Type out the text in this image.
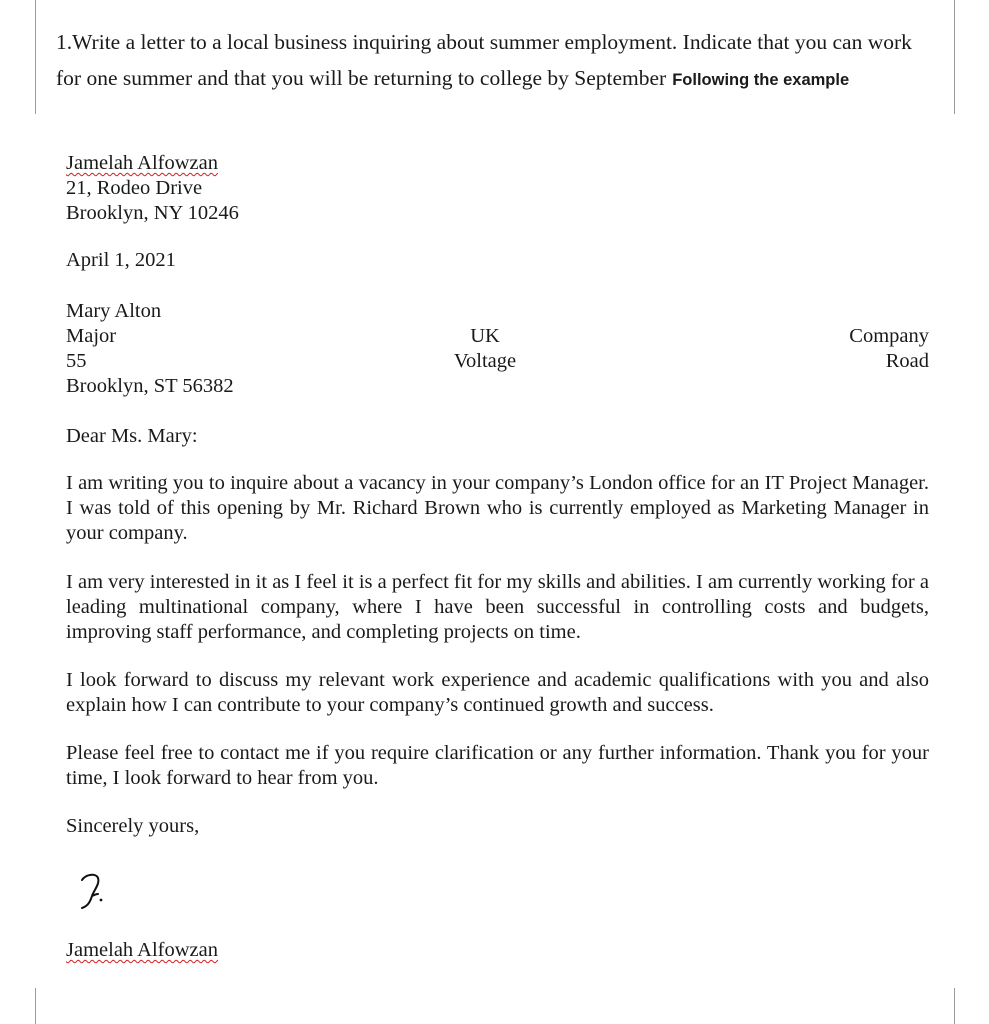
1.Write a letter to a local business inquiring about summer employment. Indicate that you can work
for one summer and that you will be returning to college by September Following the example
Jamelah Alfowzan
21, Rodeo Drive
Brooklyn, NY 10246
April 1, 2021
Mary Alton
Major
55
UK
Voltage
Company
Road
Brooklyn, ST 56382
Dear Ms. Mary:
I am writing you to inquire about a vacancy in your company’s London office for an IT Project Manager. I was told of this opening by Mr. Richard Brown who is currently employed as Marketing Manager in your company.
I am very interested in it as I feel it is a perfect fit for my skills and abilities. I am currently working for a leading multinational company, where I have been successful in controlling costs and budgets, improving staff performance, and completing projects on time.
I look forward to discuss my relevant work experience and academic qualifications with you and also explain how I can contribute to your company’s continued growth and success.
Please feel free to contact me if you require clarification or any further information. Thank you for your time, I look forward to hear from you.
Sincerely yours,
Jamelah Alfowzan
